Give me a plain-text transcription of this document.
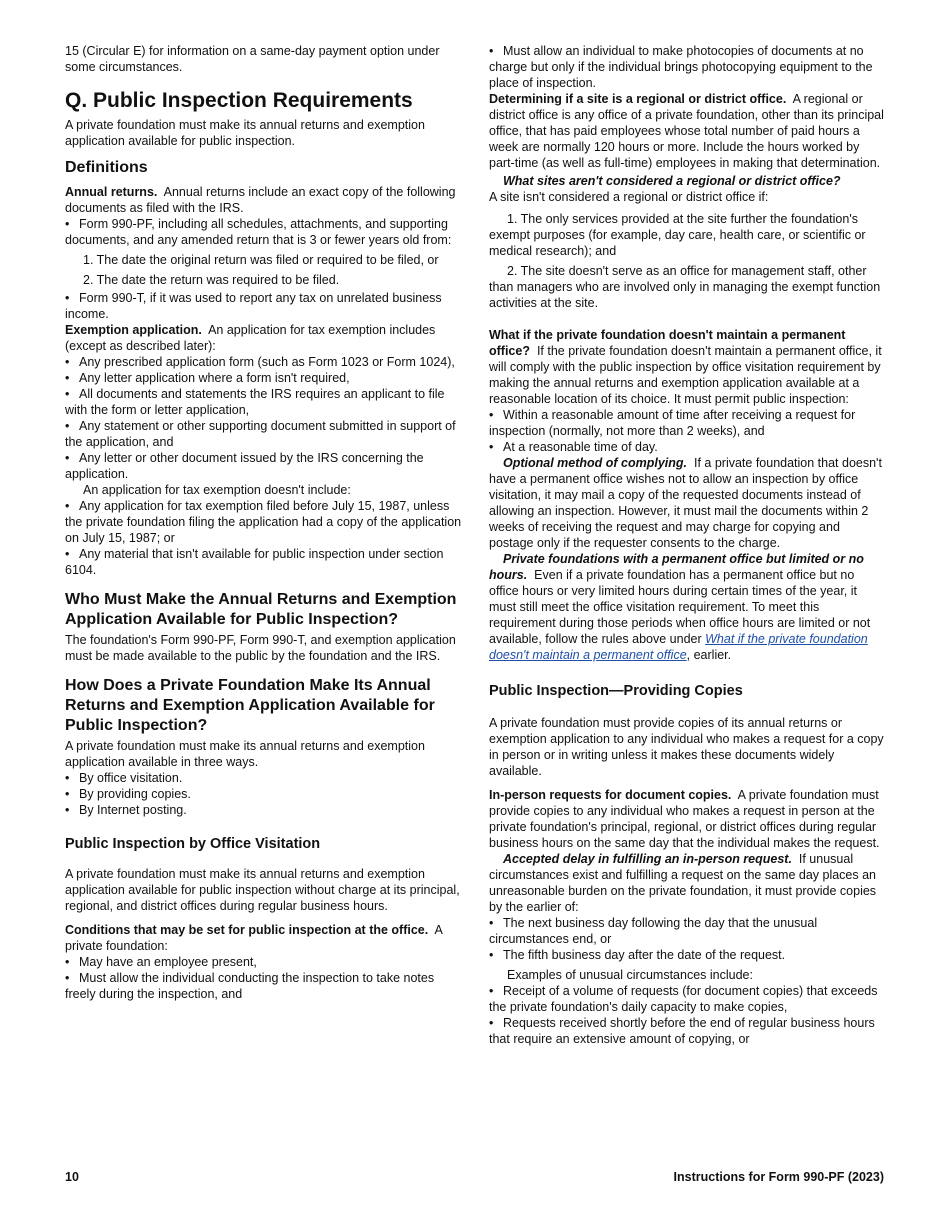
15 (Circular E) for information on a same-day payment option under some circumstances.

Q. Public Inspection Requirements

A private foundation must make its annual returns and exemption application available for public inspection.

Definitions

Annual returns. Annual returns include an exact copy of the following documents as filed with the IRS.

• Form 990-PF, including all schedules, attachments, and supporting documents, and any amended return that is 3 or fewer years old from:

1. The date the original return was filed or required to be filed, or

2. The date the return was required to be filed.

• Form 990-T, if it was used to report any tax on unrelated business income.

Exemption application. An application for tax exemption includes (except as described later):

• Any prescribed application form (such as Form 1023 or Form 1024),

• Any letter application where a form isn't required,

• All documents and statements the IRS requires an applicant to file with the form or letter application,

• Any statement or other supporting document submitted in support of the application, and

• Any letter or other document issued by the IRS concerning the application.

An application for tax exemption doesn't include:

• Any application for tax exemption filed before July 15, 1987, unless the private foundation filing the application had a copy of the application on July 15, 1987; or

• Any material that isn't available for public inspection under section 6104.

Who Must Make the Annual Returns and Exemption Application Available for Public Inspection?

The foundation's Form 990-PF, Form 990-T, and exemption application must be made available to the public by the foundation and the IRS.

How Does a Private Foundation Make Its Annual Returns and Exemption Application Available for Public Inspection?

A private foundation must make its annual returns and exemption application available in three ways.

• By office visitation.

• By providing copies.

• By Internet posting.

Public Inspection by Office Visitation

A private foundation must make its annual returns and exemption application available for public inspection without charge at its principal, regional, and district offices during regular business hours.

Conditions that may be set for public inspection at the office. A private foundation:

• May have an employee present,

• Must allow the individual conducting the inspection to take notes freely during the inspection, and

• Must allow an individual to make photocopies of documents at no charge but only if the individual brings photocopying equipment to the place of inspection.

Determining if a site is a regional or district office. A regional or district office is any office of a private foundation, other than its principal office, that has paid employees whose total number of paid hours a week are normally 120 hours or more. Include the hours worked by part-time (as well as full-time) employees in making that determination.

What sites aren't considered a regional or district office?

A site isn't considered a regional or district office if:

1. The only services provided at the site further the foundation's exempt purposes (for example, day care, health care, or scientific or medical research); and

2. The site doesn't serve as an office for management staff, other than managers who are involved only in managing the exempt function activities at the site.

What if the private foundation doesn't maintain a permanent office? If the private foundation doesn't maintain a permanent office, it will comply with the public inspection by office visitation requirement by making the annual returns and exemption application available at a reasonable location of its choice. It must permit public inspection:

• Within a reasonable amount of time after receiving a request for inspection (normally, not more than 2 weeks), and

• At a reasonable time of day.

Optional method of complying. If a private foundation that doesn't have a permanent office wishes not to allow an inspection by office visitation, it may mail a copy of the requested documents instead of allowing an inspection. However, it must mail the documents within 2 weeks of receiving the request and may charge for copying and postage only if the requester consents to the charge.

Private foundations with a permanent office but limited or no hours. Even if a private foundation has a permanent office but no office hours or very limited hours during certain times of the year, it must still meet the office visitation requirement. To meet this requirement during those periods when office hours are limited or not available, follow the rules above under What if the private foundation doesn't maintain a permanent office, earlier.

Public Inspection—Providing Copies

A private foundation must provide copies of its annual returns or exemption application to any individual who makes a request for a copy in person or in writing unless it makes these documents widely available.

In-person requests for document copies. A private foundation must provide copies to any individual who makes a request in person at the private foundation's principal, regional, or district offices during regular business hours on the same day that the individual makes the request.

Accepted delay in fulfilling an in-person request. If unusual circumstances exist and fulfilling a request on the same day places an unreasonable burden on the private foundation, it must provide copies by the earlier of:

• The next business day following the day that the unusual circumstances end, or

• The fifth business day after the date of the request.

Examples of unusual circumstances include:

• Receipt of a volume of requests (for document copies) that exceeds the private foundation's daily capacity to make copies,

• Requests received shortly before the end of regular business hours that require an extensive amount of copying, or

10	Instructions for Form 990-PF (2023)
